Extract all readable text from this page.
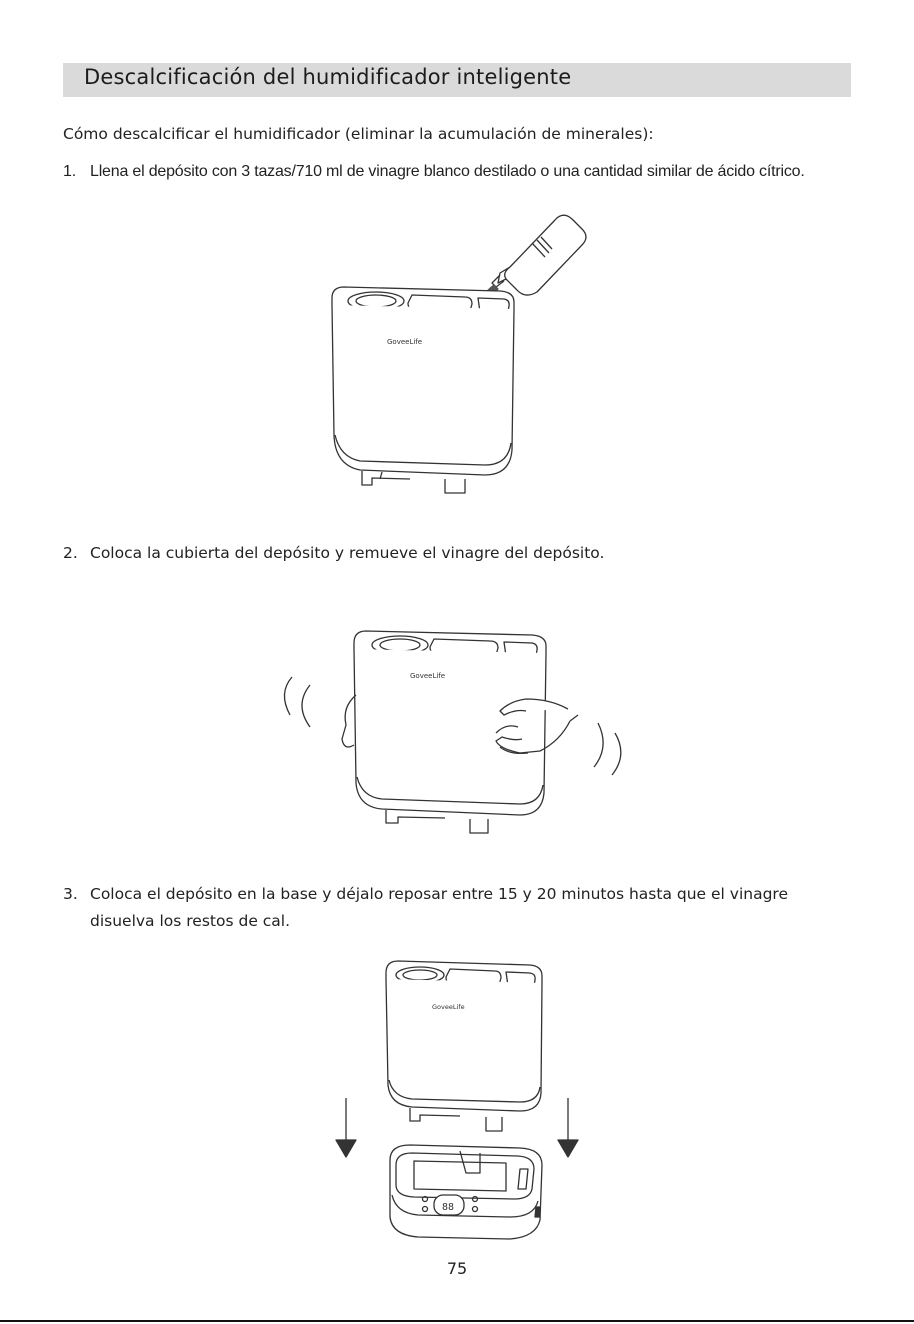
Descalcificación del humidificador inteligente
Cómo descalcificar el humidificador (eliminar la acumulación de minerales):
1. Llena el depósito con 3 tazas/710 ml de vinagre blanco destilado o una cantidad similar de ácido cítrico.
GoveeLife
2. Coloca la cubierta del depósito y remueve el vinagre del depósito.
GoveeLife
3. Coloca el depósito en la base y déjalo reposar entre 15 y 20 minutos hasta que el vinagre disuelva los restos de cal.
GoveeLife
88
75
